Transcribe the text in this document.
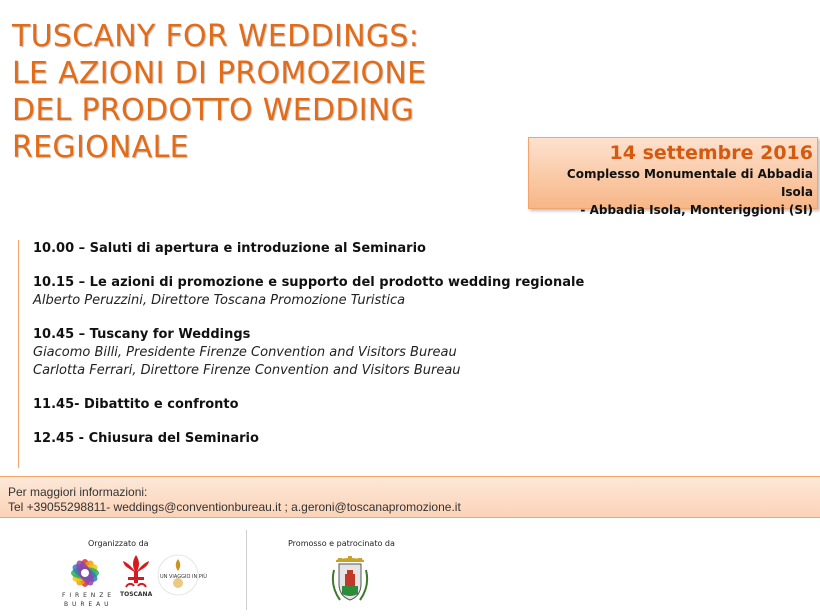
TUSCANY FOR WEDDINGS:
LE AZIONI DI PROMOZIONE
DEL PRODOTTO WEDDING
REGIONALE	14 settembre 2016
Complesso Monumentale di Abbadia Isola
- Abbadia Isola, Monteriggioni (SI)
10.00 – Saluti di apertura e introduzione al Seminario
10.15 – Le azioni di promozione e supporto del prodotto wedding regionale
Alberto Peruzzini, Direttore Toscana Promozione Turistica
10.45 – Tuscany for Weddings
Giacomo Billi, Presidente Firenze Convention and Visitors Bureau
Carlotta Ferrari, Direttore Firenze Convention and Visitors Bureau
11.45- Dibattito e confronto
12.45 - Chiusura del Seminario
Per maggiori informazioni:
Tel +39055298811- weddings@conventionbureau.it ; a.geroni@toscanapromozione.it
Organizzato da	Promosso e patrocinato da
F I R E N Z E
B U R E A U
TOSCANA
UN VIAGGIO IN PIÙ
